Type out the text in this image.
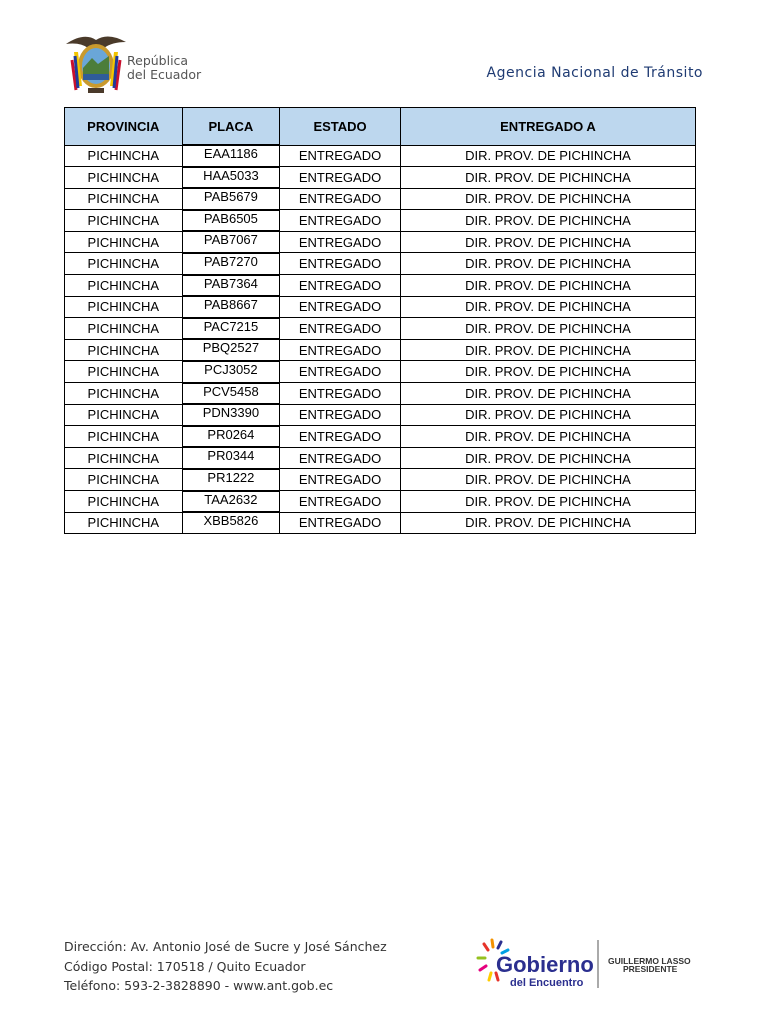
República
del Ecuador	Agencia Nacional de Tránsito
PROVINCIA	PLACA	ESTADO	ENTREGADO A
PICHINCHA	EAA1186	ENTREGADO	DIR. PROV. DE PICHINCHA
PICHINCHA	HAA5033	ENTREGADO	DIR. PROV. DE PICHINCHA
PICHINCHA	PAB5679	ENTREGADO	DIR. PROV. DE PICHINCHA
PICHINCHA	PAB6505	ENTREGADO	DIR. PROV. DE PICHINCHA
PICHINCHA	PAB7067	ENTREGADO	DIR. PROV. DE PICHINCHA
PICHINCHA	PAB7270	ENTREGADO	DIR. PROV. DE PICHINCHA
PICHINCHA	PAB7364	ENTREGADO	DIR. PROV. DE PICHINCHA
PICHINCHA	PAB8667	ENTREGADO	DIR. PROV. DE PICHINCHA
PICHINCHA	PAC7215	ENTREGADO	DIR. PROV. DE PICHINCHA
PICHINCHA	PBQ2527	ENTREGADO	DIR. PROV. DE PICHINCHA
PICHINCHA	PCJ3052	ENTREGADO	DIR. PROV. DE PICHINCHA
PICHINCHA	PCV5458	ENTREGADO	DIR. PROV. DE PICHINCHA
PICHINCHA	PDN3390	ENTREGADO	DIR. PROV. DE PICHINCHA
PICHINCHA	PR0264	ENTREGADO	DIR. PROV. DE PICHINCHA
PICHINCHA	PR0344	ENTREGADO	DIR. PROV. DE PICHINCHA
PICHINCHA	PR1222	ENTREGADO	DIR. PROV. DE PICHINCHA
PICHINCHA	TAA2632	ENTREGADO	DIR. PROV. DE PICHINCHA
PICHINCHA	XBB5826	ENTREGADO	DIR. PROV. DE PICHINCHA
Dirección: Av. Antonio José de Sucre y José Sánchez
Código Postal: 170518 / Quito Ecuador
Teléfono: 593-2-3828890 - www.ant.gob.ec
Gobierno
del Encuentro
GUILLERMO LASSO
PRESIDENTE
